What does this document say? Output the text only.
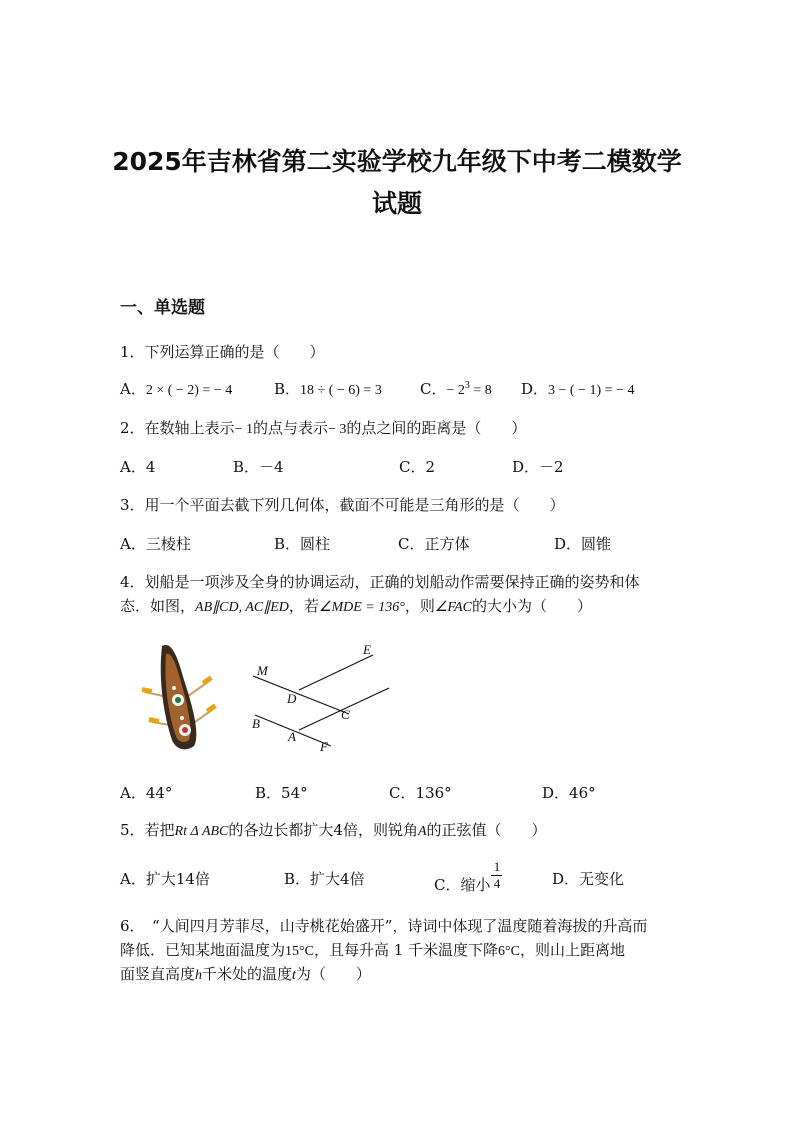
2025年吉林省第二实验学校九年级下中考二模数学
试题
一、单选题
1．下列运算正确的是（　　）
A．2 × ( − 2) = − 4	B．18 ÷ ( − 6) = 3	C．− $2^3 = 8$ D．3 − ( − 1) = − 4
2．在数轴上表示− 1的点与表示− 3的点之间的距离是（　　）
A．4	B．－4	C．2	D．－2
3．用一个平面去截下列几何体，截面不可能是三角形的是（　　）
A．三棱柱	B．圆柱	C．正方体	D．圆锥
4．划船是一项涉及全身的协调运动，正确的划船动作需要保持正确的姿势和体
态．如图，AB∥CD, AC∥ED，若∠MDE = 136°，则∠FAC的大小为（　　）
E
M
D
C
B
A
F
A．44°	B．54°	C．136°	D．46°
5．若把Rt Δ ABC的各边长都扩大4倍，则锐角A的正弦值（　　）
A．扩大14倍	B．扩大4倍	C．缩小
1
4	D．无变化
6．　“人间四月芳菲尽，山寺桃花始盛开”，诗词中体现了温度随着海拔的升高而
降低．已知某地面温度为15°C，且每升高 1 千米温度下降6°C，则山上距离地
面竖直高度h千米处的温度t为（　　）
